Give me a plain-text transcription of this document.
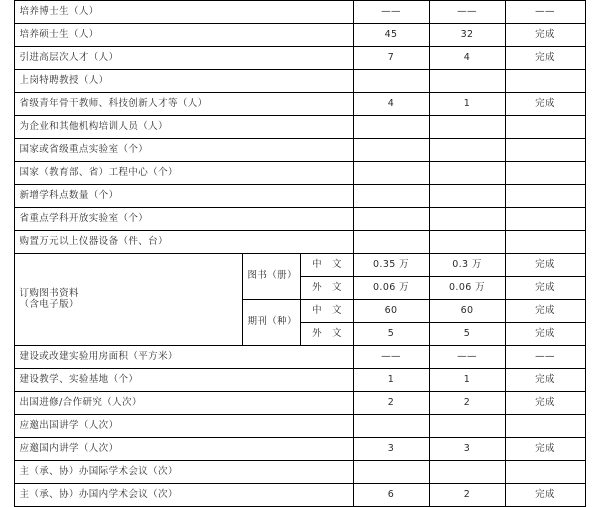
培养博士生（人）			——	——	——
培养硕士生（人）			45	32	完成
引进高层次人才（人）			7	4	完成
上岗特聘教授（人）					
省级青年骨干教师、科技创新人才等（人）			4	1	完成
为企业和其他机构培训人员（人）					
国家或省级重点实验室（个）					
国家（教育部、省）工程中心（个）					
新增学科点数量（个）					
省重点学科开放实验室（个）					
购置万元以上仪器设备（件、台）					

订购图书资料
（含电子版）	图书（册）	中　文	0.35 万	0.3 万	完成
		外　文	0.06 万	0.06 万	完成
	期刊（种）	中　文	60	60	完成
		外　文	5	5	完成
建设或改建实验用房面积（平方米）			——	——	——
建设教学、实验基地（个）			1	1	完成
出国进修/合作研究（人次）			2	2	完成
应邀出国讲学（人次）					
应邀国内讲学（人次）			3	3	完成
主（承、协）办国际学术会议（次）					
主（承、协）办国内学术会议（次）			6	2	完成
